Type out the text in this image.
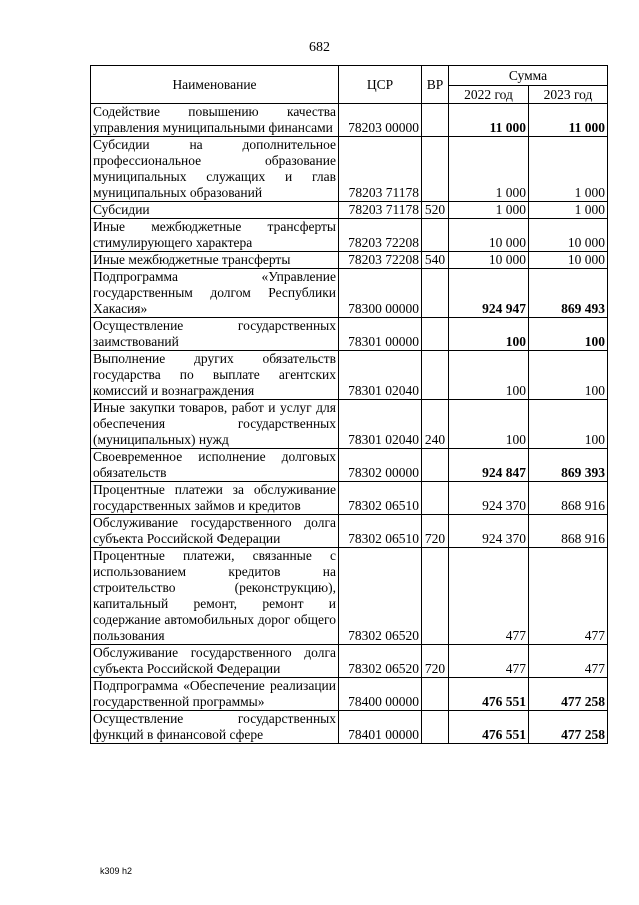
682
Наименование	ЦСР	ВР	Сумма	
			2022 год	2023 год
Содействие повышению качества управления муниципальными финансами	78203 00000		11 000	11 000
Субсидии на дополнительное профессиональное образование муниципальных служащих и глав муниципальных образований	78203 71178		1 000	1 000
Субсидии	78203 71178	520	1 000	1 000
Иные межбюджетные трансферты стимулирующего характера	78203 72208		10 000	10 000
Иные межбюджетные трансферты	78203 72208	540	10 000	10 000
Подпрограмма «Управление государственным долгом Республики Хакасия»	78300 00000		924 947	869 493
Осуществление государственных заимствований	78301 00000		100	100
Выполнение других обязательств государства по выплате агентских комиссий и вознаграждения	78301 02040		100	100
Иные закупки товаров, работ и услуг для обеспечения государственных (муниципальных) нужд	78301 02040	240	100	100
Своевременное исполнение долговых обязательств	78302 00000		924 847	869 393
Процентные платежи за обслуживание государственных займов и кредитов	78302 06510		924 370	868 916
Обслуживание государственного долга субъекта Российской Федерации	78302 06510	720	924 370	868 916
Процентные платежи, связанные с использованием кредитов на строительство (реконструкцию), капитальный ремонт, ремонт и содержание автомобильных дорог общего пользования	78302 06520		477	477
Обслуживание государственного долга субъекта Российской Федерации	78302 06520	720	477	477
Подпрограмма «Обеспечение реализации государственной программы»	78400 00000		476 551	477 258
Осуществление государственных функций в финансовой сфере	78401 00000		476 551	477 258
k309 h2
